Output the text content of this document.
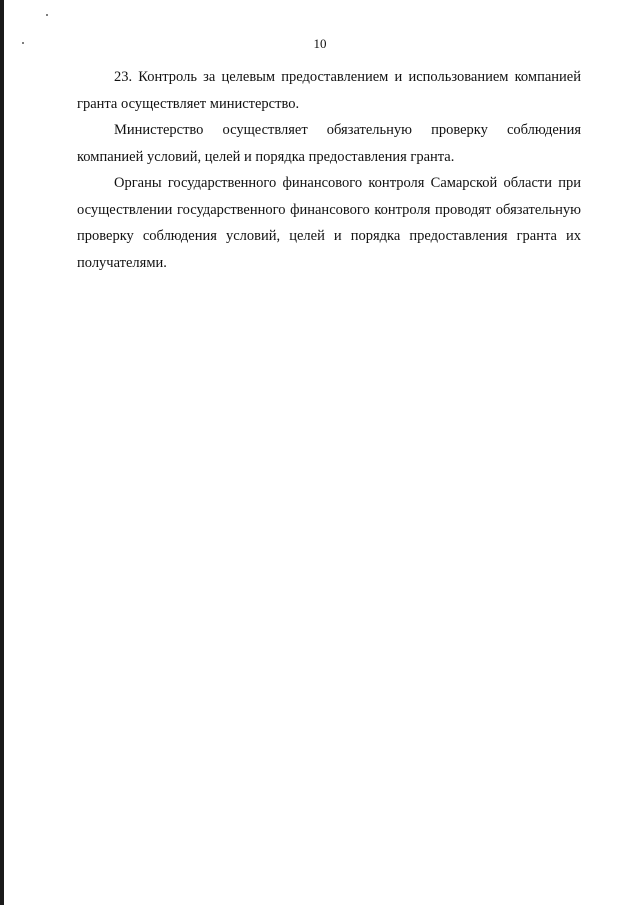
10

23. Контроль за целевым предоставлением и использованием компанией гранта осуществляет министерство.

Министерство осуществляет обязательную проверку соблюдения компанией условий, целей и порядка предоставления гранта.

Органы государственного финансового контроля Самарской области при осуществлении государственного финансового контроля проводят обязательную проверку соблюдения условий, целей и порядка предоставления гранта их получателями.
